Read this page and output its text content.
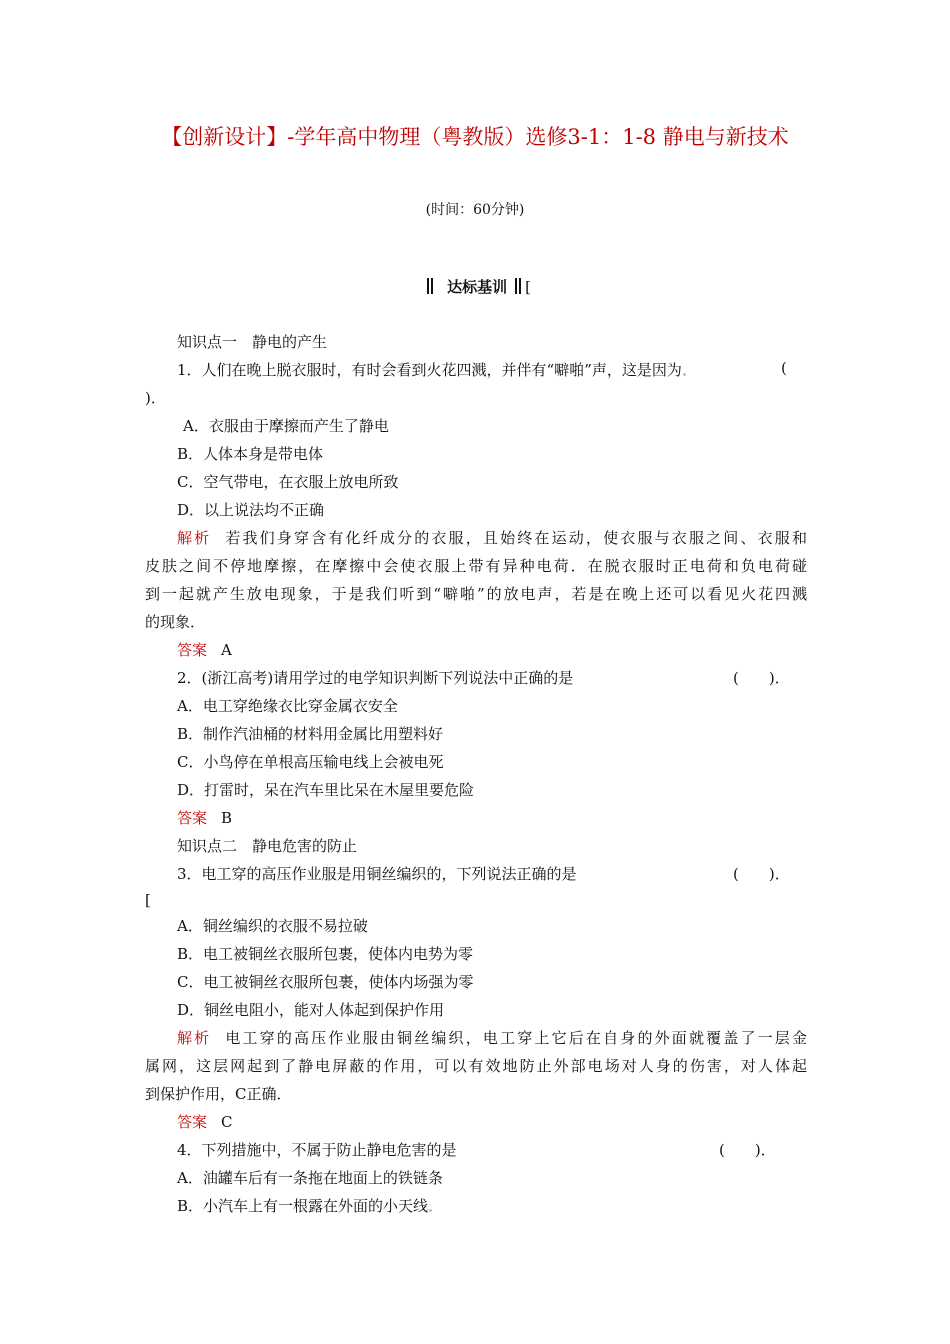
【创新设计】-学年高中物理（粤教版）选修3-1：1-8 静电与新技术
(时间：60分钟)
达标基训 [
知识点一　静电的产生
1．人们在晚上脱衣服时，有时会看到火花四溅，并伴有“噼啪”声，这是因为	(
)．
A．衣服由于摩擦而产生了静电
B．人体本身是带电体
C．空气带电，在衣服上放电所致
D．以上说法均不正确
解析 若我们身穿含有化纤成分的衣服，且始终在运动，使衣服与衣服之间、衣服和
皮肤之间不停地摩擦，在摩擦中会使衣服上带有异种电荷．在脱衣服时正电荷和负电荷碰
到一起就产生放电现象，于是我们听到“噼啪”的放电声，若是在晚上还可以看见火花四溅
的现象．
答案 A
2．(浙江高考)请用学过的电学知识判断下列说法中正确的是	(　　)．
A．电工穿绝缘衣比穿金属衣安全
B．制作汽油桶的材料用金属比用塑料好
C．小鸟停在单根高压输电线上会被电死
D．打雷时，呆在汽车里比呆在木屋里要危险
答案 B
知识点二　静电危害的防止
3．电工穿的高压作业服是用铜丝编织的，下列说法正确的是	(　　)．
[
A．铜丝编织的衣服不易拉破
B．电工被铜丝衣服所包裹，使体内电势为零
C．电工被铜丝衣服所包裹，使体内场强为零
D．铜丝电阻小，能对人体起到保护作用
解析 电工穿的高压作业服由铜丝编织，电工穿上它后在自身的外面就覆盖了一层金
属网，这层网起到了静电屏蔽的作用，可以有效地防止外部电场对人身的伤害，对人体起
到保护作用，C正确．
答案 C
4．下列措施中，不属于防止静电危害的是	(　　)．
A．油罐车后有一条拖在地面上的铁链条
B．小汽车上有一根露在外面的小天线
